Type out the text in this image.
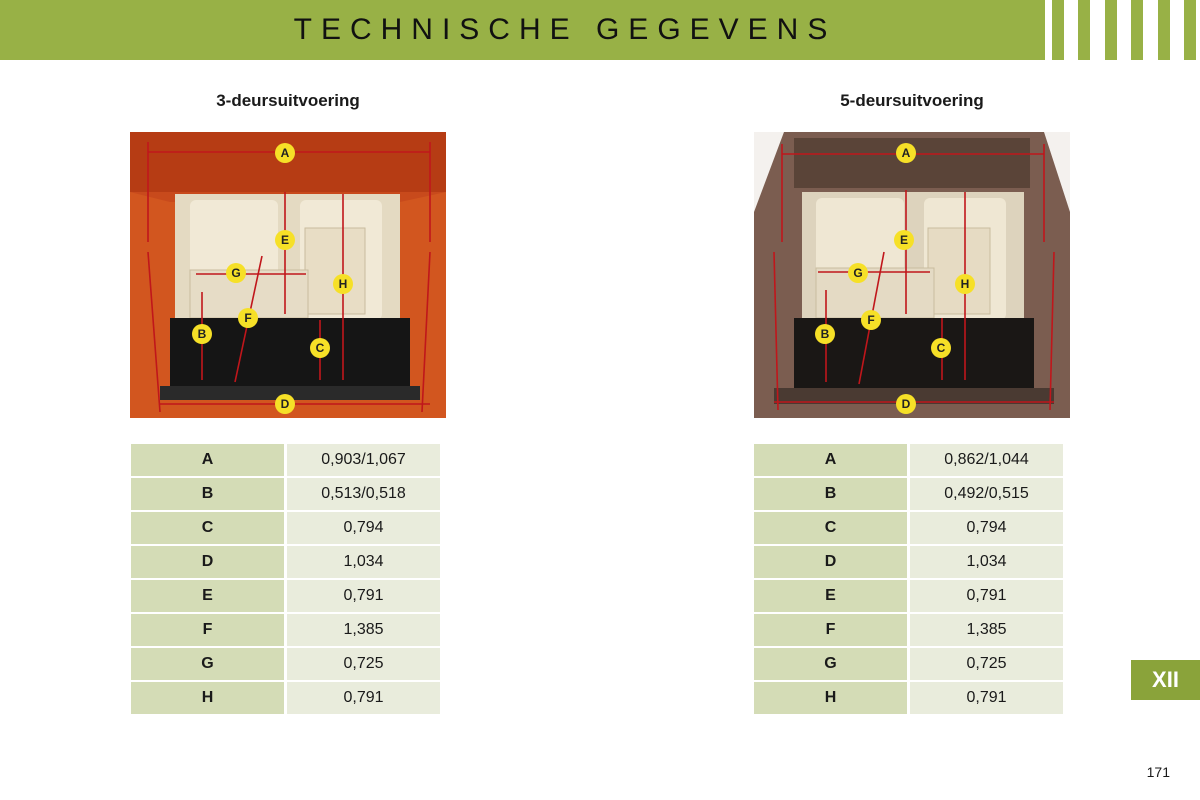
TECHNISCHE GEGEVENS
3-deursuitvoering	5-deursuitvoering
A
B
C
D
E
F
G
H
A
B
C
D
E
F
G
H
A	0,903/1,067
B	0,513/0,518
C	0,794
D	1,034
E	0,791
F	1,385
G	0,725
H	0,791
A	0,862/1,044
B	0,492/0,515
C	0,794
D	1,034
E	0,791
F	1,385
G	0,725
H	0,791
XII
171
